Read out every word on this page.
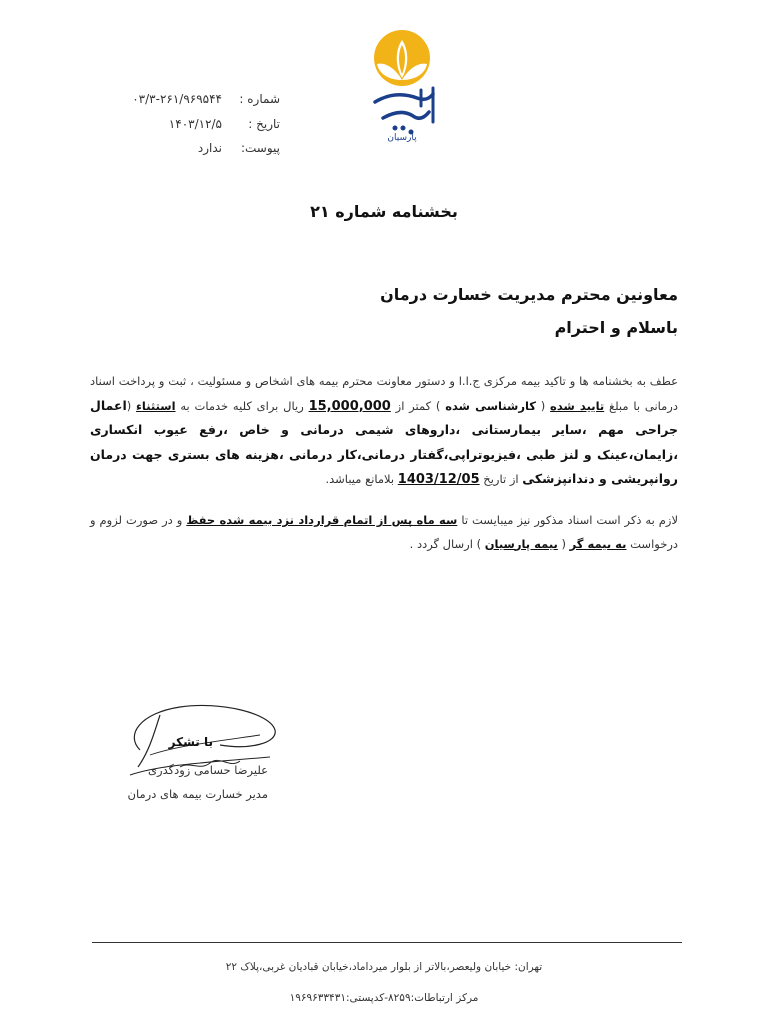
پارسیان
شماره :
۰۳/۳-۲۶۱/۹۶۹۵۴۴
تاریخ :
۱۴۰۳/۱۲/۵
پیوست:
ندارد
بخشنامه شماره ۲۱
معاونین محترم مدیریت خسارت درمان
باسلام و احترام
عطف به بخشنامه ها و تاکید بیمه مرکزی ج.ا.ا و دستور معاونت محترم بیمه های اشخاص و مسئولیت ، ثبت و پرداخت اسناد درمانی با مبلغ تایید شده ( کارشناسی شده ) کمتر از 15,000,000 ریال برای کلیه خدمات به استثناء (اعمال جراحی مهم ،سایر بیمارستانی ،داروهای شیمی درمانی و خاص ،رفع عیوب انکساری ،زایمان،عینک و لنز طبی ،فیزیوتراپی،گفتار درمانی،کار درمانی ،هزینه های بستری جهت درمان روانپریشی و دندانپزشکی از تاریخ 1403/12/05 بلامانع میباشد.
لازم به ذکر است اسناد مذکور نیز میبایست تا سه ماه پس از اتمام قرارداد نزد بیمه شده حفظ و در صورت لزوم و درخواست به بیمه گر ( بیمه پارسیان ) ارسال گردد .
با تشکر
علیرضا حسامی زودگذری
مدیر خسارت بیمه های درمان
تهران: خیابان ولیعصر،بالاتر از بلوار میرداماد،خیابان قبادیان غربی،پلاک ۲۲
مرکز ارتباطات:۸۲۵۹-کدپستی:۱۹۶۹۶۳۳۴۳۱
